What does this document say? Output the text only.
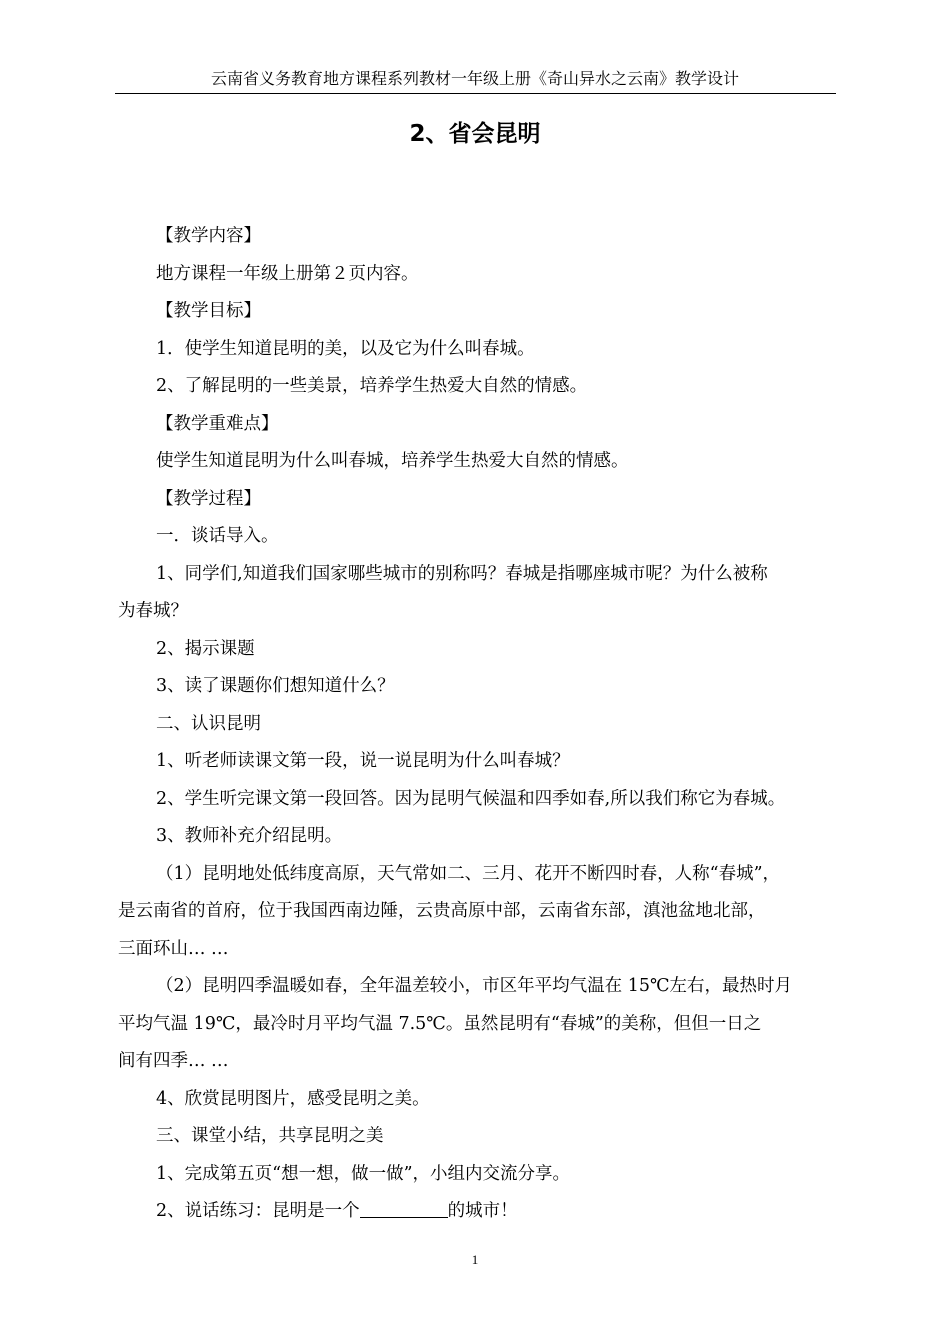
云南省义务教育地方课程系列教材一年级上册《奇山异水之云南》教学设计
2、省会昆明
【教学内容】
地方课程一年级上册第２页内容。
【教学目标】
1．使学生知道昆明的美，以及它为什么叫春城。
2、了解昆明的一些美景，培养学生热爱大自然的情感。
【教学重难点】
使学生知道昆明为什么叫春城，培养学生热爱大自然的情感。
【教学过程】
一．谈话导入。
1、同学们,知道我们国家哪些城市的别称吗？春城是指哪座城市呢？为什么被称
为春城？
2、揭示课题
3、读了课题你们想知道什么？
二、认识昆明
1、听老师读课文第一段，说一说昆明为什么叫春城？
2、学生听完课文第一段回答。因为昆明气候温和四季如春,所以我们称它为春城。
3、教师补充介绍昆明。
（1）昆明地处低纬度高原，天气常如二、三月、花开不断四时春，人称“春城”，
是云南省的首府，位于我国西南边陲，云贵高原中部，云南省东部，滇池盆地北部，
三面环山… …
（2）昆明四季温暖如春，全年温差较小，市区年平均气温在 15℃左右，最热时月
平均气温 19℃，最冷时月平均气温 7.5℃。虽然昆明有“春城”的美称，但但一日之
间有四季… …
4、欣赏昆明图片，感受昆明之美。
三、课堂小结，共享昆明之美
1、完成第五页“想一想，做一做”，小组内交流分享。
2、说话练习：昆明是一个	的城市！
1
